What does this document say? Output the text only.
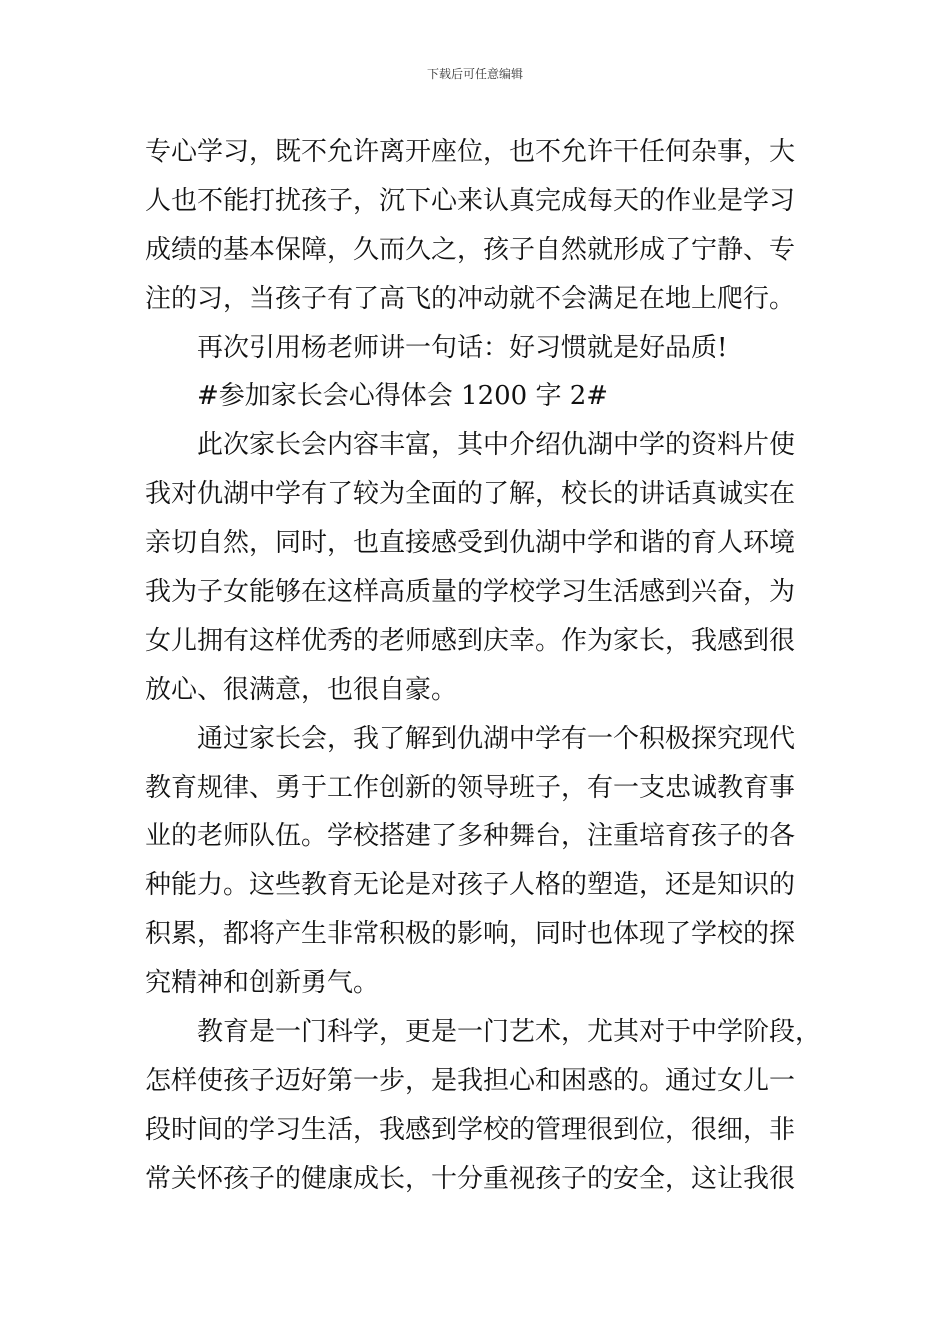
下载后可任意编辑
专心学习，既不允许离开座位，也不允许干任何杂事，大
人也不能打扰孩子，沉下心来认真完成每天的作业是学习
成绩的基本保障，久而久之，孩子自然就形成了宁静、专
注的习，当孩子有了高飞的冲动就不会满足在地上爬行。
再次引用杨老师讲一句话：好习惯就是好品质!
#参加家长会心得体会 1200 字 2#
此次家长会内容丰富，其中介绍仇湖中学的资料片使
我对仇湖中学有了较为全面的了解，校长的讲话真诚实在
亲切自然，同时，也直接感受到仇湖中学和谐的育人环境
我为子女能够在这样高质量的学校学习生活感到兴奋，为
女儿拥有这样优秀的老师感到庆幸。作为家长，我感到很
放心、很满意，也很自豪。
通过家长会，我了解到仇湖中学有一个积极探究现代
教育规律、勇于工作创新的领导班子，有一支忠诚教育事
业的老师队伍。学校搭建了多种舞台，注重培育孩子的各
种能力。这些教育无论是对孩子人格的塑造，还是知识的
积累，都将产生非常积极的影响，同时也体现了学校的探
究精神和创新勇气。
教育是一门科学，更是一门艺术，尤其对于中学阶段，
怎样使孩子迈好第一步，是我担心和困惑的。通过女儿一
段时间的学习生活，我感到学校的管理很到位，很细，非
常关怀孩子的健康成长，十分重视孩子的安全，这让我很
